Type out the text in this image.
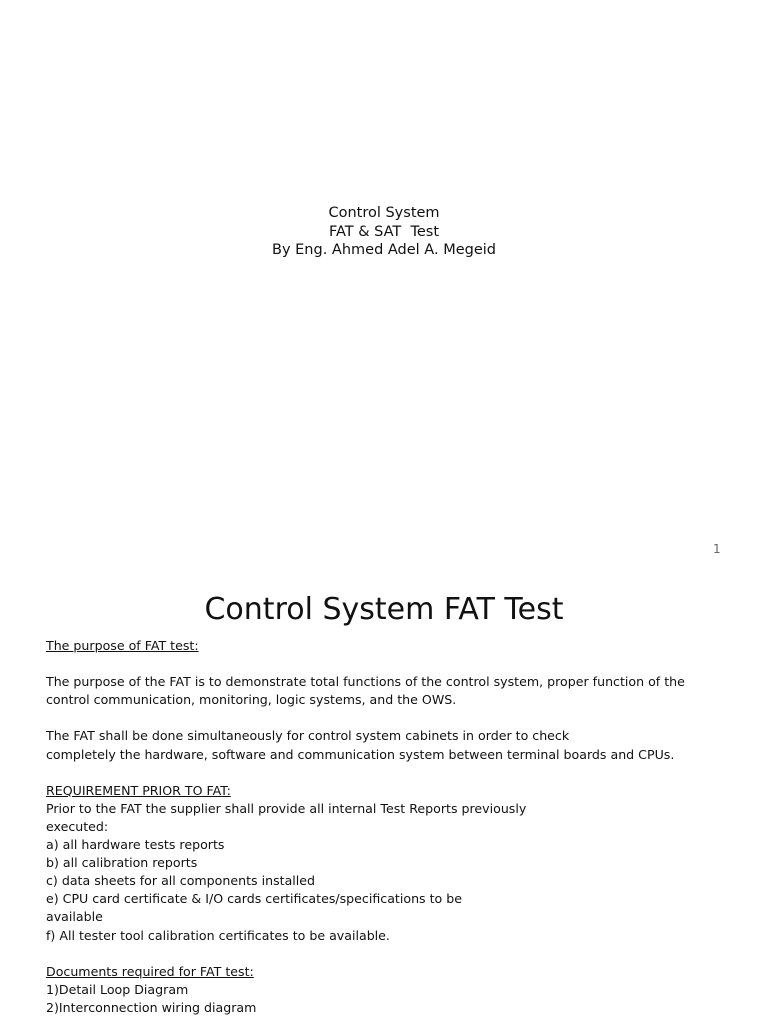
Control System
FAT & SAT  Test
By Eng. Ahmed Adel A. Megeid
1
Control System FAT Test
The purpose of FAT test:
The purpose of the FAT is to demonstrate total functions of the control system, proper function of the
control communication, monitoring, logic systems, and the OWS.
The FAT shall be done simultaneously for control system cabinets in order to check
completely the hardware, software and communication system between terminal boards and CPUs.
REQUIREMENT PRIOR TO FAT:
Prior to the FAT the supplier shall provide all internal Test Reports previously
executed:
a) all hardware tests reports
b) all calibration reports
c) data sheets for all components installed
e) CPU card certificate & I/O cards certificates/specifications to be
available
f) All tester tool calibration certificates to be available.
Documents required for FAT test:
1)Detail Loop Diagram
2)Interconnection wiring diagram
